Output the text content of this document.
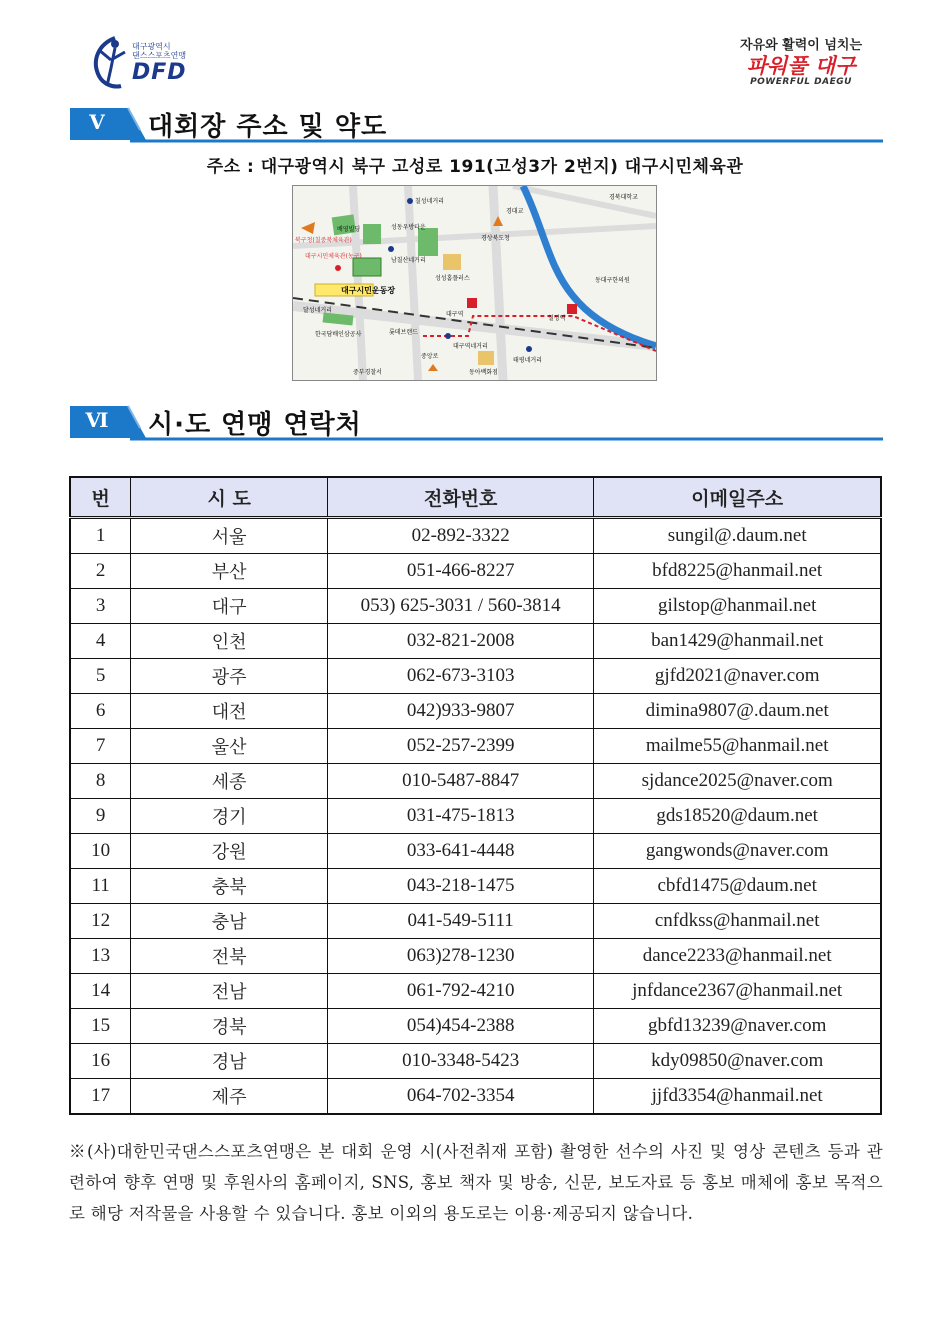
대구광역시
댄스스포츠연맹
DFD
자유와 활력이 넘치는
파워풀 대구
POWERFUL DAEGU
Ⅴ	대회장 주소 및 약도
주소 : 대구광역시 북구 고성로 191(고성3가 2번지) 대구시민체육관
칠성네거리
경대교
경북대학교
배영빌딩	성동우방타운
경상북도청
북구청(칠중북체육관)
대구시민체육관(농구)
남칠산네거리
성성홈플러스	동대구한의원
대구시민운동장
달성네거리
대구역
칠성역
한국담배인삼공사	롯데브랜드
대구역네거리
중앙로
태평네거리
중부경찰서	동아백화점
Ⅵ 시·도 연맹 연락처
번	시 도	전화번호	이메일주소
1	서울	02-892-3322	sungil@.daum.net
2	부산	051-466-8227	bfd8225@hanmail.net
3	대구	053) 625-3031 / 560-3814	gilstop@hanmail.net
4	인천	032-821-2008	ban1429@hanmail.net
5	광주	062-673-3103	gjfd2021@naver.com
6	대전	042)933-9807	dimina9807@.daum.net
7	울산	052-257-2399	mailme55@hanmail.net
8	세종	010-5487-8847	sjdance2025@naver.com
9	경기	031-475-1813	gds18520@daum.net
10	강원	033-641-4448	gangwonds@naver.com
11	충북	043-218-1475	cbfd1475@daum.net
12	충남	041-549-5111	cnfdkss@hanmail.net
13	전북	063)278-1230	dance2233@hanmail.net
14	전남	061-792-4210	jnfdance2367@hanmail.net
15	경북	054)454-2388	gbfd13239@naver.com
16	경남	010-3348-5423	kdy09850@naver.com
17	제주	064-702-3354	jjfd3354@hanmail.net
※(사)대한민국댄스스포츠연맹은 본 대회 운영 시(사전취재 포함) 촬영한 선수의 사진 및 영상 콘텐츠 등과 관련하여 향후 연맹 및 후원사의 홈페이지, SNS, 홍보 책자 및 방송, 신문, 보도자료 등 홍보 매체에 홍보 목적으로 해당 저작물을 사용할 수 있습니다. 홍보 이외의 용도로는 이용·제공되지 않습니다.
